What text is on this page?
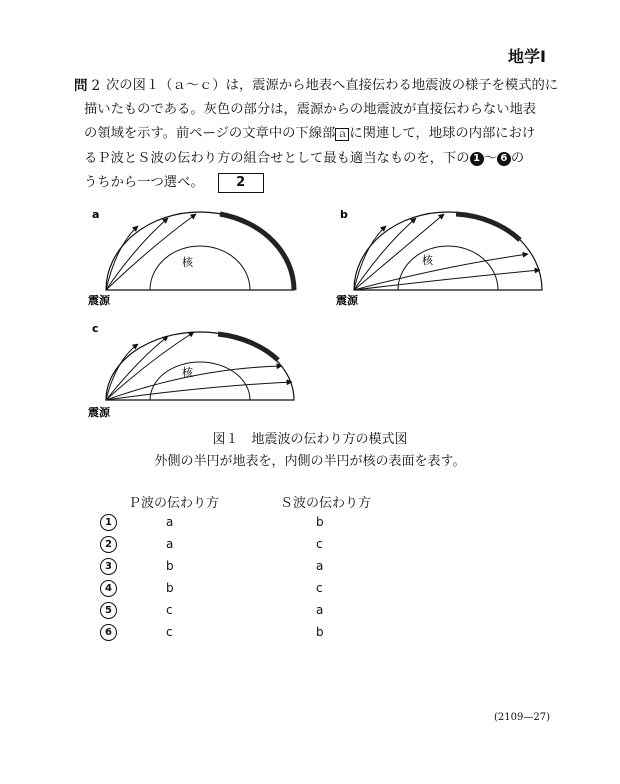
地学Ⅰ
問 2 次の図１（ａ～ｃ）は，震源から地表へ直接伝わる地震波の様子を模式的に
描いたものである。灰色の部分は，震源からの地震波が直接伝わらない地表
の領域を示す。前ページの文章中の下線部 ａ に関連して，地球の内部におけ
るＰ波とＳ波の伝わり方の組合せとして最も適当なものを，下の 1 ～ 6 の
うちから一つ選べ。 2
a
核
震源
b
核
震源
c
核
震源
図１　地震波の伝わり方の模式図
外側の半円が地表を，内側の半円が核の表面を表す。
Ｐ波の伝わり方	Ｓ波の伝わり方
1	a	b
2	a	c
3	b	a
4	b	c
5	c	a
6	c	b
(2109—27)
